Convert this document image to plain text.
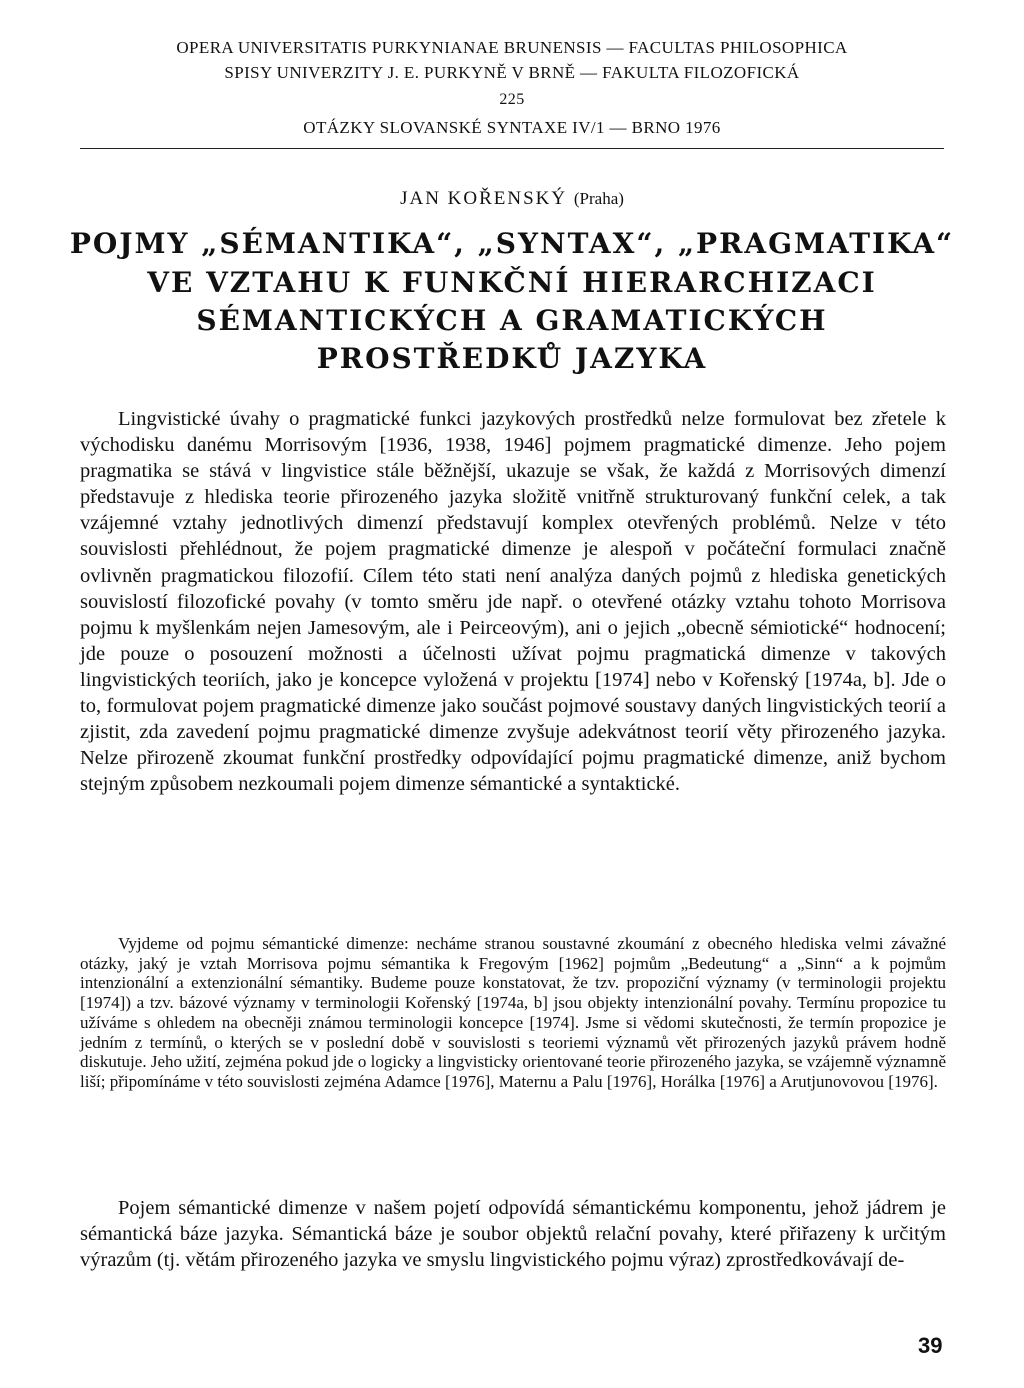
OPERA UNIVERSITATIS PURKYNIANAE BRUNENSIS — FACULTAS PHILOSOPHICA
SPISY UNIVERZITY J. E. PURKYNĚ V BRNĚ — FAKULTA FILOZOFICKÁ
225
OTÁZKY SLOVANSKÉ SYNTAXE IV/1 — BRNO 1976
JAN KOŘENSKÝ (Praha)
POJMY „SÉMANTIKA“, „SYNTAX“, „PRAGMATIKA“
VE VZTAHU K FUNKČNÍ HIERARCHIZACI
SÉMANTICKÝCH A GRAMATICKÝCH
PROSTŘEDKŮ JAZYKA

Lingvistické úvahy o pragmatické funkci jazykových prostředků nelze formulovat bez zřetele k východisku danému Morrisovým [1936, 1938, 1946] pojmem pragmatické dimenze. Jeho pojem pragmatika se stává v lingvistice stále běžnější, ukazuje se však, že každá z Morrisových dimenzí představuje z hlediska teorie přirozeného jazyka složitě vnitřně strukturovaný funkční celek, a tak vzájemné vztahy jednotlivých dimenzí představují komplex otevřených problémů. Nelze v této souvislosti přehlédnout, že pojem pragmatické dimenze je alespoň v počáteční formulaci značně ovlivněn pragmatickou filozofií. Cílem této stati není analýza daných pojmů z hlediska genetických souvislostí filozofické povahy (v tomto směru jde např. o otevřené otázky vztahu tohoto Morrisova pojmu k myšlenkám nejen Jamesovým, ale i Peirceovým), ani o jejich „obecně sémiotické“ hodnocení; jde pouze o posouzení možnosti a účelnosti užívat pojmu pragmatická dimenze v takových lingvistických teoriích, jako je koncepce vyložená v projektu [1974] nebo v Kořenský [1974a, b]. Jde o to, formulovat pojem pragmatické dimenze jako součást pojmové soustavy daných lingvistických teorií a zjistit, zda zavedení pojmu pragmatické dimenze zvyšuje adekvátnost teorií věty přirozeného jazyka. Nelze přirozeně zkoumat funkční prostředky odpovídající pojmu pragmatické dimenze, aniž bychom stejným způsobem nezkoumali pojem dimenze sémantické a syntaktické.

Vyjdeme od pojmu sémantické dimenze: necháme stranou soustavné zkoumání z obecného hlediska velmi závažné otázky, jaký je vztah Morrisova pojmu sémantika k Fregovým [1962] pojmům „Bedeutung“ a „Sinn“ a k pojmům intenzionální a extenzionální sémantiky. Budeme pouze konstatovat, že tzv. propoziční významy (v terminologii projektu [1974]) a tzv. bázové významy v terminologii Kořenský [1974a, b] jsou objekty intenzionální povahy. Termínu propozice tu užíváme s ohledem na obecněji známou terminologii koncepce [1974]. Jsme si vědomi skutečnosti, že termín propozice je jedním z termínů, o kterých se v poslední době v souvislosti s teoriemi významů vět přirozených jazyků právem hodně diskutuje. Jeho užití, zejména pokud jde o logicky a lingvisticky orientované teorie přirozeného jazyka, se vzájemně významně liší; připomínáme v této souvislosti zejména Adamce [1976], Maternu a Palu [1976], Horálka [1976] a Arutjunovovou [1976].

Pojem sémantické dimenze v našem pojetí odpovídá sémantickému komponentu, jehož jádrem je sémantická báze jazyka. Sémantická báze je soubor objektů relační povahy, které přiřazeny k určitým výrazům (tj. větám přirozeného jazyka ve smyslu lingvistického pojmu výraz) zprostředkovávají de-

39
